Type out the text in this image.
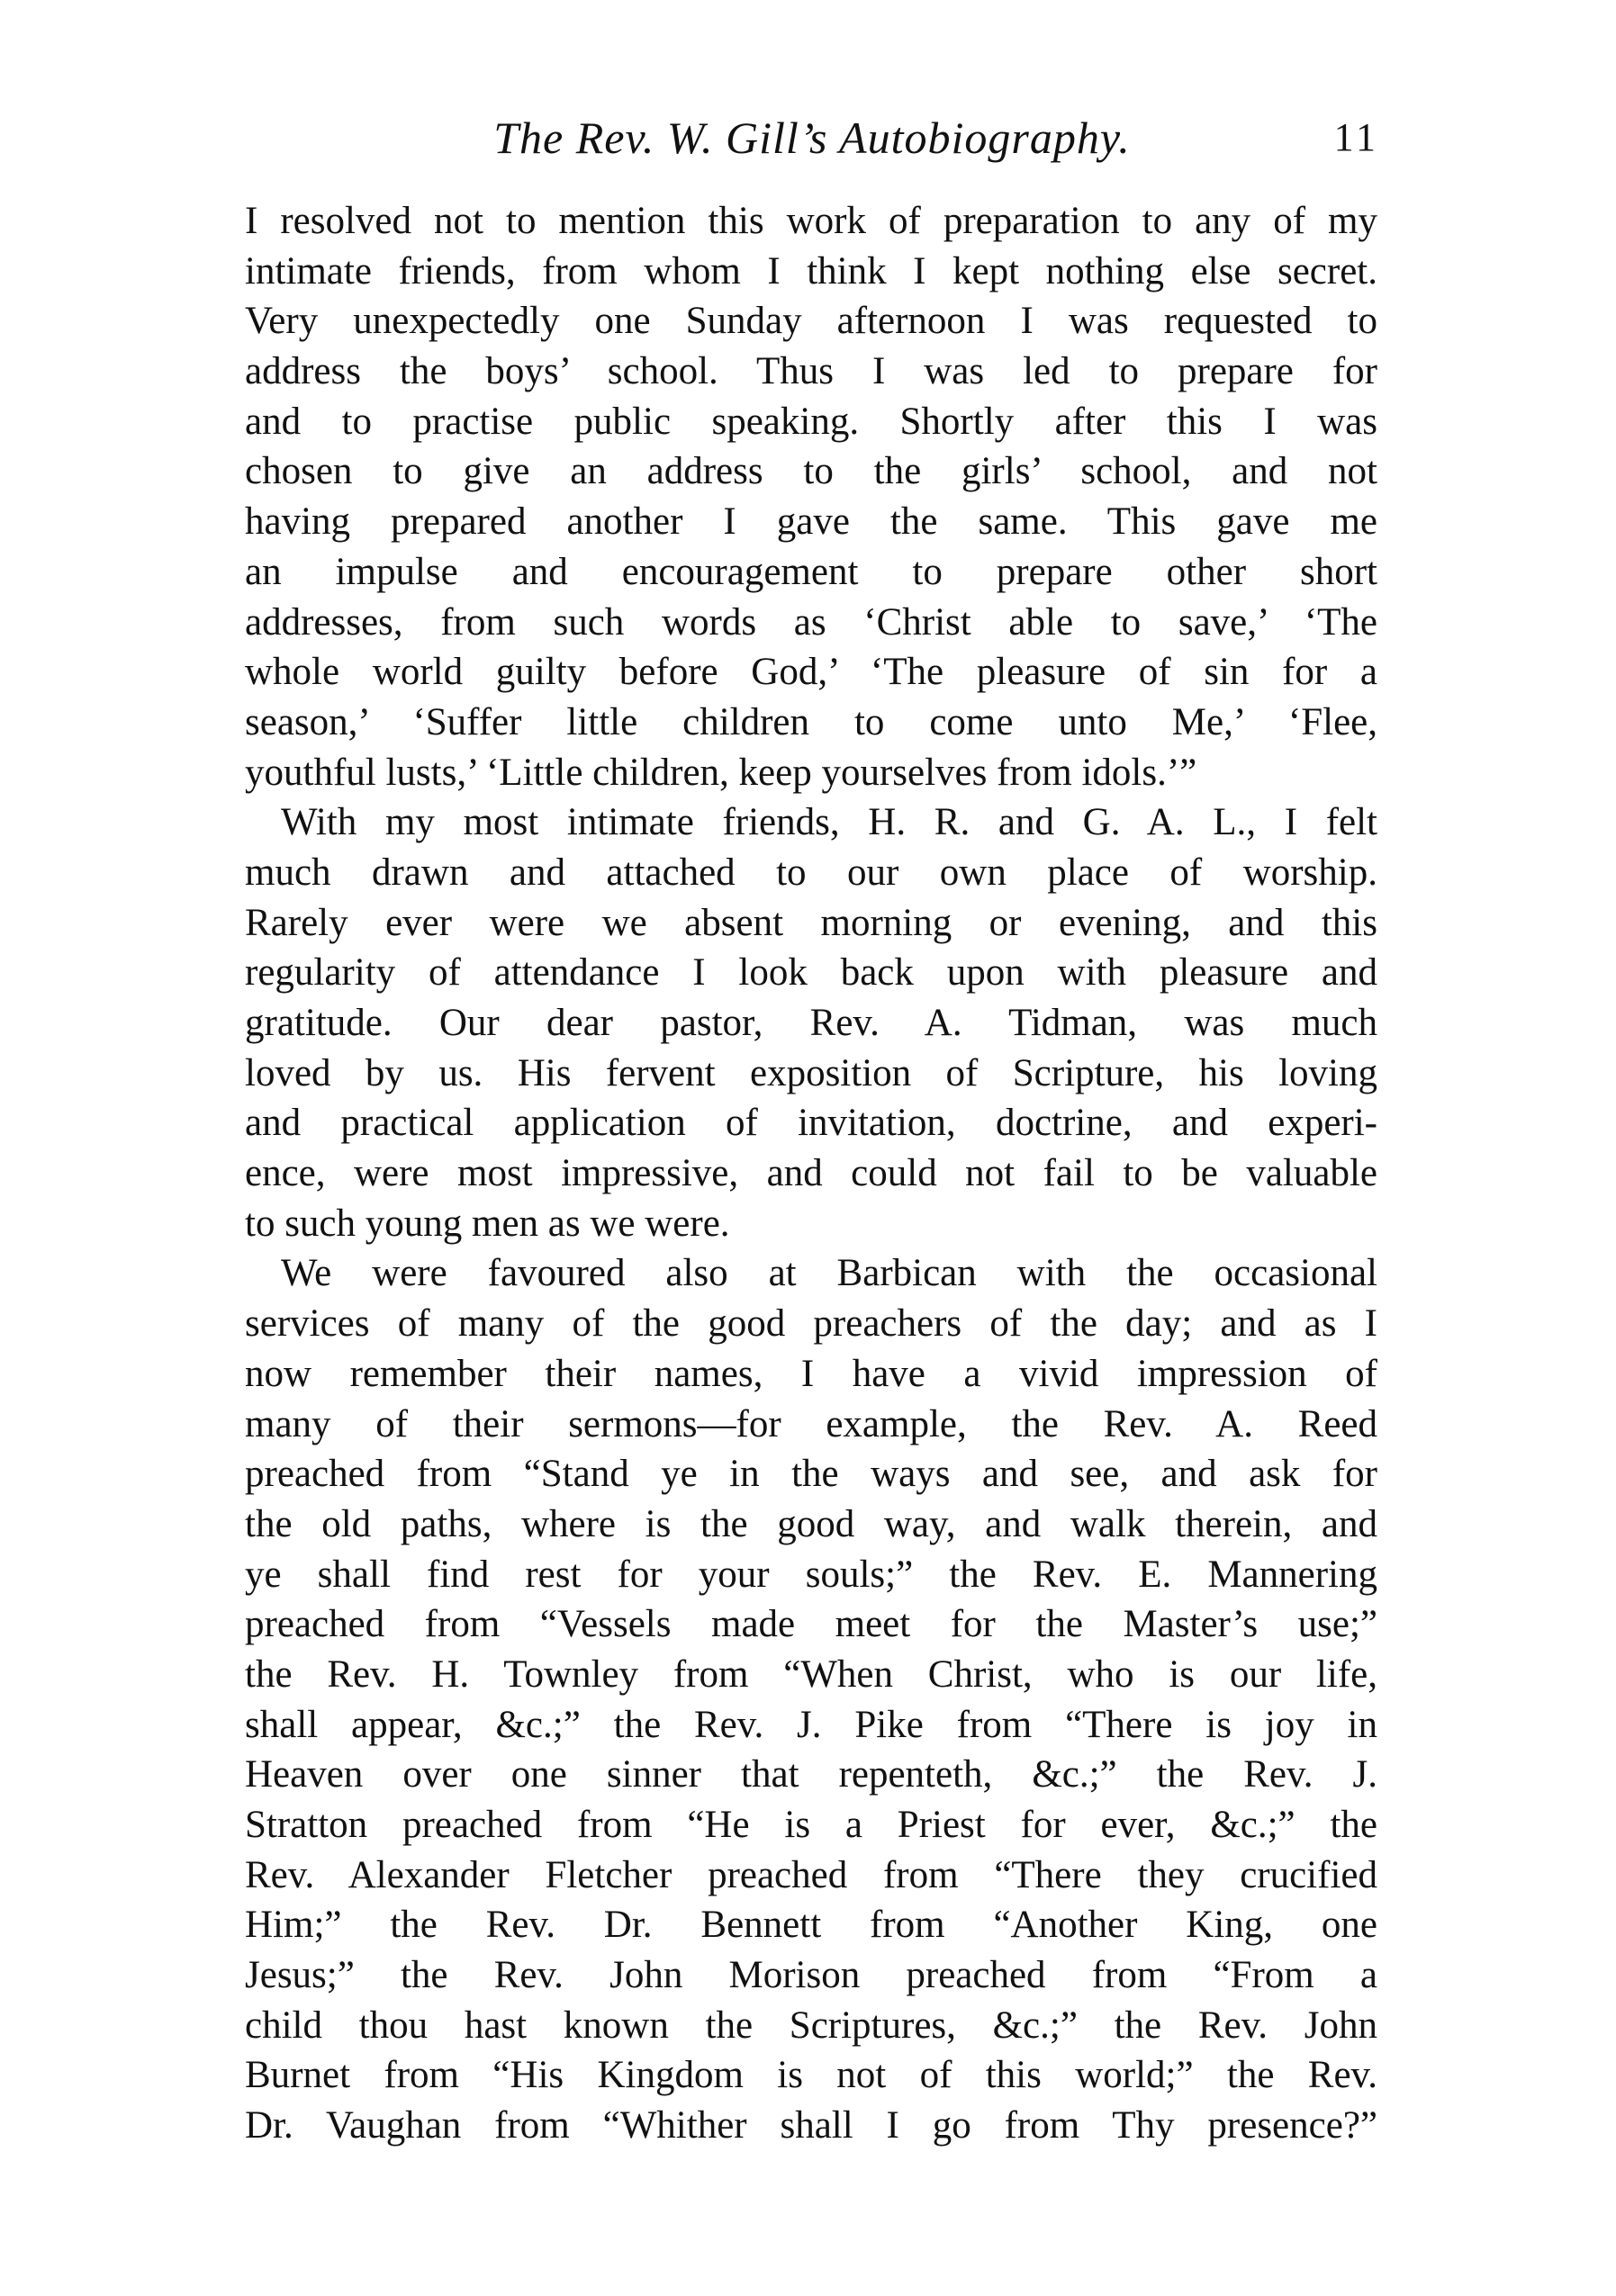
The Rev. W. Gill’s Autobiography.	11
I resolved not to mention this work of preparation to any of my
intimate friends, from whom I think I kept nothing else secret.
Very unexpectedly one Sunday afternoon I was requested to
address the boys’ school. Thus I was led to prepare for
and to practise public speaking. Shortly after this I was
chosen to give an address to the girls’ school, and not
having prepared another I gave the same. This gave me
an impulse and encouragement to prepare other short
addresses, from such words as ‘Christ able to save,’ ‘The
whole world guilty before God,’ ‘The pleasure of sin for a
season,’ ‘Suffer little children to come unto Me,’ ‘Flee,
youthful lusts,’ ‘Little children, keep yourselves from idols.’”
With my most intimate friends, H. R. and G. A. L., I felt
much drawn and attached to our own place of worship.
Rarely ever were we absent morning or evening, and this
regularity of attendance I look back upon with pleasure and
gratitude. Our dear pastor, Rev. A. Tidman, was much
loved by us. His fervent exposition of Scripture, his loving
and practical application of invitation, doctrine, and experi-
ence, were most impressive, and could not fail to be valuable
to such young men as we were.
We were favoured also at Barbican with the occasional
services of many of the good preachers of the day; and as I
now remember their names, I have a vivid impression of
many of their sermons—for example, the Rev. A. Reed
preached from “Stand ye in the ways and see, and ask for
the old paths, where is the good way, and walk therein, and
ye shall find rest for your souls;” the Rev. E. Mannering
preached from “Vessels made meet for the Master’s use;”
the Rev. H. Townley from “When Christ, who is our life,
shall appear, &c.;” the Rev. J. Pike from “There is joy in
Heaven over one sinner that repenteth, &c.;” the Rev. J.
Stratton preached from “He is a Priest for ever, &c.;” the
Rev. Alexander Fletcher preached from “There they crucified
Him;” the Rev. Dr. Bennett from “Another King, one
Jesus;” the Rev. John Morison preached from “From a
child thou hast known the Scriptures, &c.;” the Rev. John
Burnet from “His Kingdom is not of this world;” the Rev.
Dr. Vaughan from “Whither shall I go from Thy presence?”
